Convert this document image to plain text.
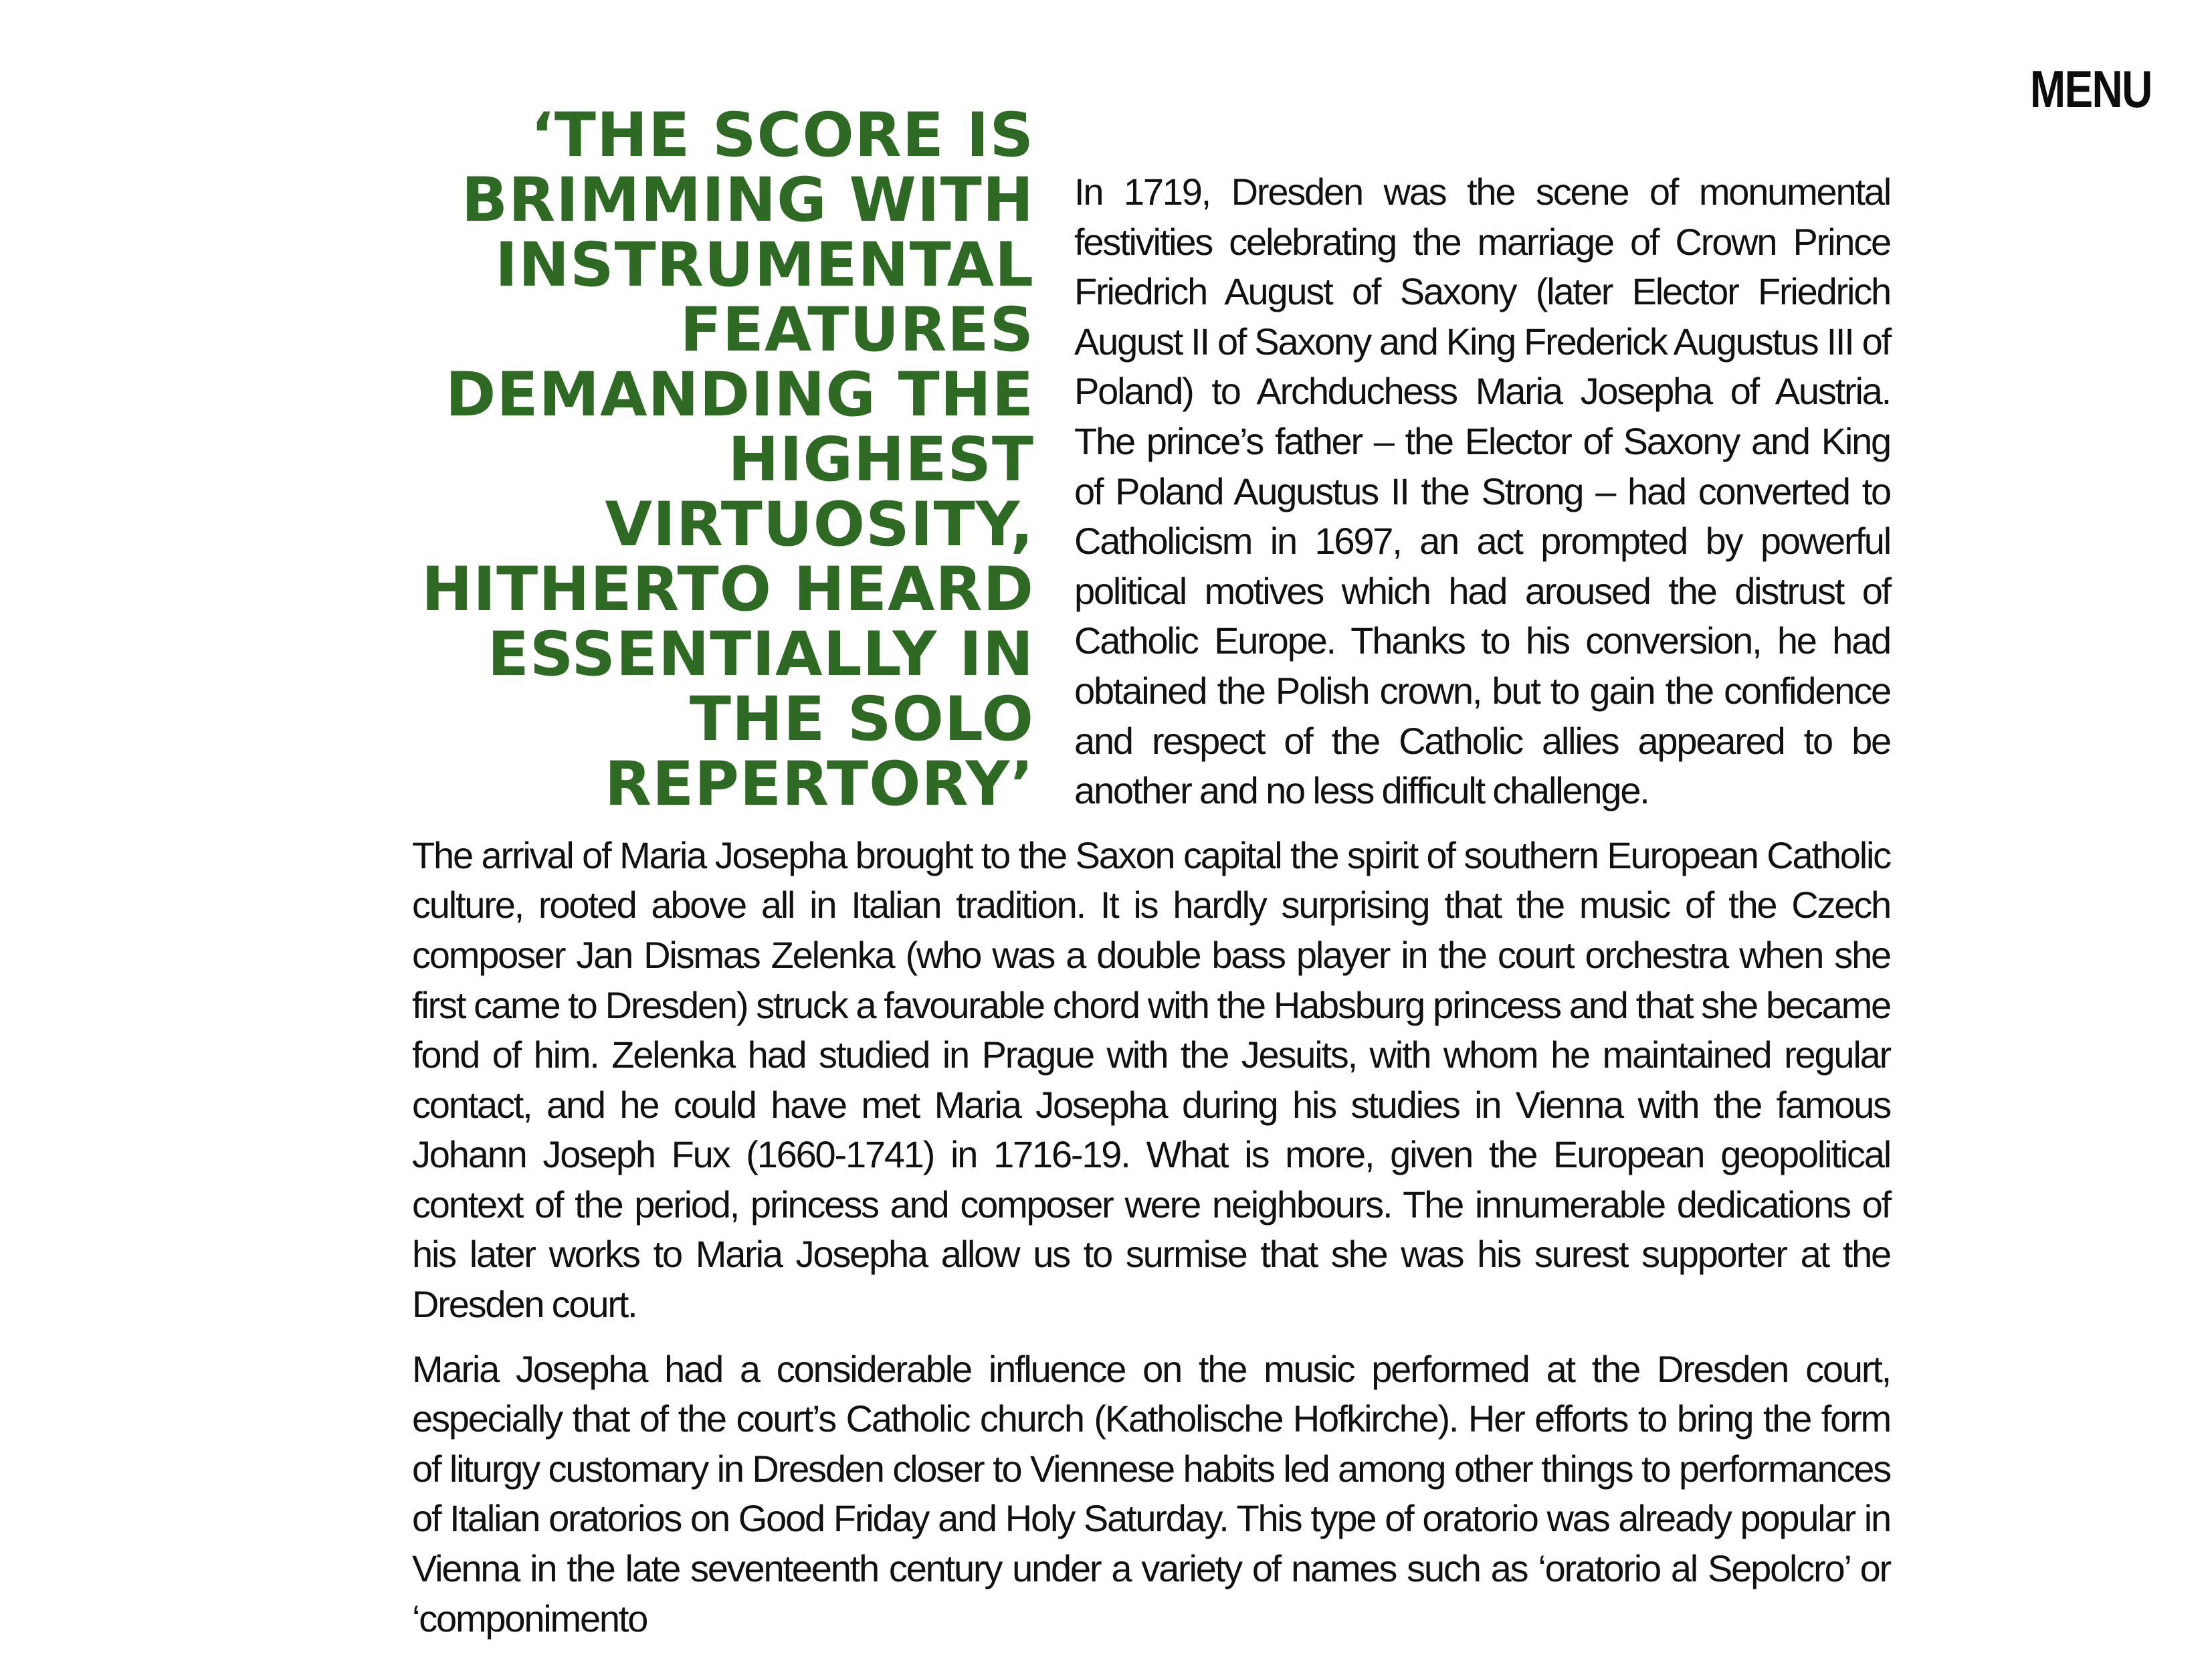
MENU
‘THE SCORE IS BRIMMING WITH INSTRUMENTAL FEATURES DEMANDING THE HIGHEST VIRTUOSITY, HITHERTO HEARD ESSENTIALLY IN THE SOLO REPERTORY’

In 1719, Dresden was the scene of monumental festivities celebrating the marriage of Crown Prince Friedrich August of Saxony (later Elector Friedrich August II of Saxony and King Frederick Augustus III of Poland) to Archduchess Maria Josepha of Austria. The prince’s father – the Elector of Saxony and King of Poland Augustus II the Strong – had converted to Catholicism in 1697, an act prompted by powerful political motives which had aroused the distrust of Catholic Europe. Thanks to his conversion, he had obtained the Polish crown, but to gain the confidence and respect of the Catholic allies appeared to be another and no less difficult challenge.

The arrival of Maria Josepha brought to the Saxon capital the spirit of southern European Catholic culture, rooted above all in Italian tradition. It is hardly surprising that the music of the Czech composer Jan Dismas Zelenka (who was a double bass player in the court orchestra when she first came to Dresden) struck a favourable chord with the Habsburg princess and that she became fond of him. Zelenka had studied in Prague with the Jesuits, with whom he maintained regular contact, and he could have met Maria Josepha during his studies in Vienna with the famous Johann Joseph Fux (1660-1741) in 1716-19. What is more, given the European geopolitical context of the period, princess and composer were neighbours. The innumerable dedications of his later works to Maria Josepha allow us to surmise that she was his surest supporter at the Dresden court.

Maria Josepha had a considerable influence on the music performed at the Dresden court, especially that of the court’s Catholic church (Katholische Hofkirche). Her efforts to bring the form of liturgy customary in Dresden closer to Viennese habits led among other things to performances of Italian oratorios on Good Friday and Holy Saturday. This type of oratorio was already popular in Vienna in the late seventeenth century under a variety of names such as ‘oratorio al Sepolcro’ or ‘componimento
